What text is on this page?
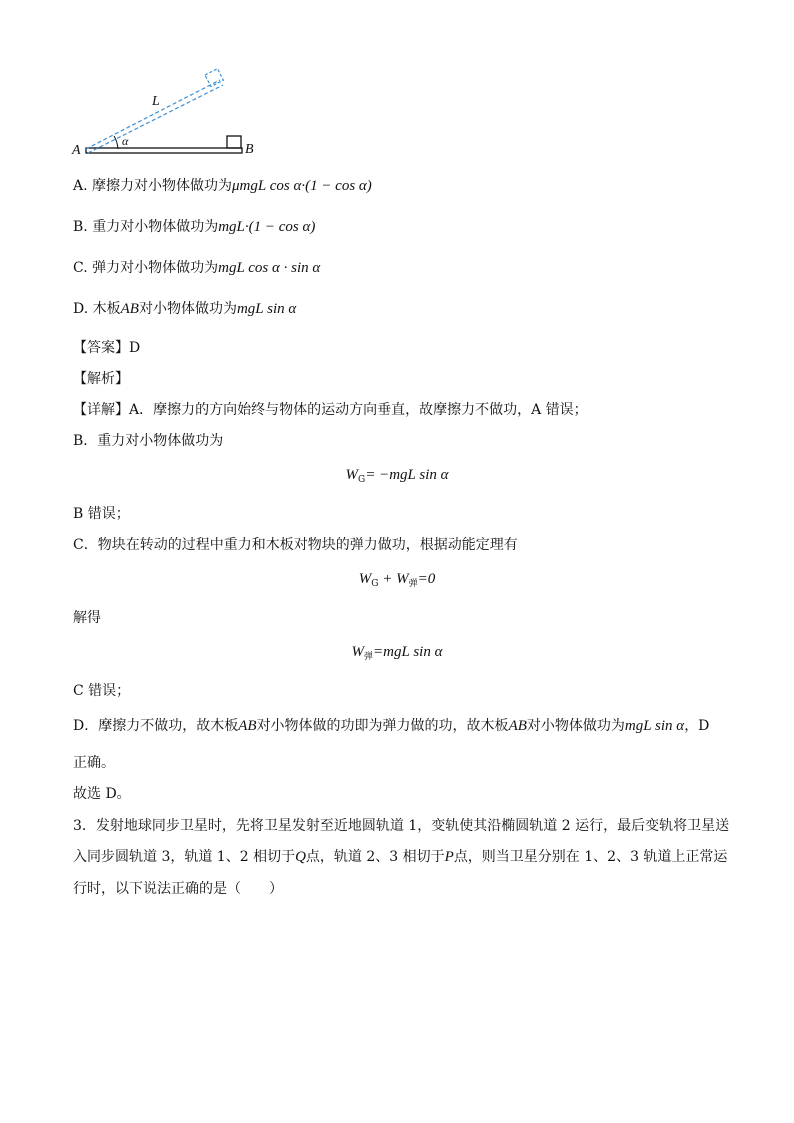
A	B
L
α
A. 摩擦力对小物体做功为μmgL cos α·(1 − cos α)
B. 重力对小物体做功为mgL·(1 − cos α)
C. 弹力对小物体做功为mgL cos α · sin α
D. 木板AB对小物体做功为mgL sin α
【答案】D
【解析】
【详解】A．摩擦力的方向始终与物体的运动方向垂直，故摩擦力不做功，A 错误；
B．重力对小物体做功为
$W_G= -mgL$ sin α
B 错误；
C．物块在转动的过程中重力和木板对物块的弹力做功，根据动能定理有
$W_G + W_弹=0$
解得
$W_弹=mgL$ sin α
C 错误；
D．摩擦力不做功，故木板AB对小物体做的功即为弹力做的功，故木板AB对小物体做功为mgL sin α，D
正确。
故选 D。
3．发射地球同步卫星时，先将卫星发射至近地圆轨道 1，变轨使其沿椭圆轨道 2 运行，最后变轨将卫星送
入同步圆轨道 3，轨道 1、2 相切于Q点，轨道 2、3 相切于P点，则当卫星分别在 1、2、3 轨道上正常运
行时，以下说法正确的是（　　）
